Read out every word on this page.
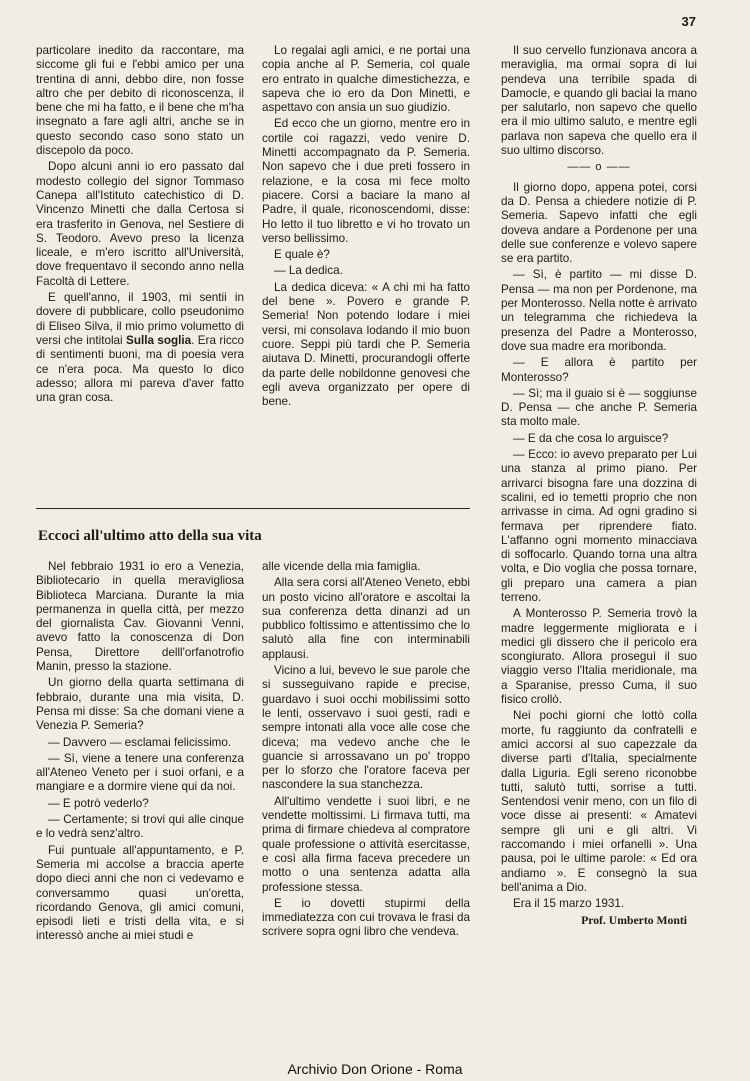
37

particolare inedito da raccontare, ma siccome gli fui e l'ebbi amico per una trentina di anni, debbo dire, non fosse altro che per debito di riconoscenza, il bene che mi ha fatto, e il bene che m'ha insegnato a fare agli altri, anche se in questo secondo caso sono stato un discepolo da poco.

Dopo alcuni anni io ero passato dal modesto collegio del signor Tommaso Canepa all'Istituto catechistico di D. Vincenzo Minetti che dalla Certosa si era trasferito in Genova, nel Sestiere di S. Teodoro. Avevo preso la licenza liceale, e m'ero iscritto all'Università, dove frequentavo il secondo anno nella Facoltà di Lettere.

E quell'anno, il 1903, mi sentii in dovere di pubblicare, collo pseudonimo di Eliseo Silva, il mio primo volumetto di versi che intitolai Sulla soglia. Era ricco di sentimenti buoni, ma di poesia vera ce n'era poca. Ma questo lo dico adesso; allora mi pareva d'aver fatto una gran cosa.

Lo regalai agli amici, e ne portai una copia anche al P. Semeria, col quale ero entrato in qualche dimestichezza, e sapeva che io ero da Don Minetti, e aspettavo con ansia un suo giudizio.

Ed ecco che un giorno, mentre ero in cortile coi ragazzi, vedo venire D. Minetti accompagnato da P. Semeria. Non sapevo che i due preti fossero in relazione, e la cosa mi fece molto piacere. Corsi a baciare la mano al Padre, il quale, riconoscendomi, disse: Ho letto il tuo libretto e vi ho trovato un verso bellissimo.

E quale è?

— La dedica.

La dedica diceva: « A chi mi ha fatto del bene ». Povero e grande P. Semeria! Non potendo lodare i miei versi, mi consolava lodando il mio buon cuore. Seppi più tardi che P. Semeria aiutava D. Minetti, procurandogli offerte da parte delle nobildonne genovesi che egli aveva organizzato per opere di bene.

Il suo cervello funzionava ancora a meraviglia, ma ormai sopra di lui pendeva una terribile spada di Damocle, e quando gli baciai la mano per salutarlo, non sapevo che quello era il mio ultimo saluto, e mentre egli parlava non sapeva che quello era il suo ultimo discorso.

—— o ——

Il giorno dopo, appena potei, corsi da D. Pensa a chiedere notizie di P. Semeria. Sapevo infatti che egli doveva andare a Pordenone per una delle sue conferenze e volevo sapere se era partito.

— Sì, è partito — mi disse D. Pensa — ma non per Pordenone, ma per Monterosso. Nella notte è arrivato un telegramma che richiedeva la presenza del Padre a Monterosso, dove sua madre era moribonda.

— E allora è partito per Monterosso?

— Sì; ma il guaio si è — soggiunse D. Pensa — che anche P. Semeria sta molto male.

— E da che cosa lo arguisce?

— Ecco: io avevo preparato per Lui una stanza al primo piano. Per arrivarci bisogna fare una dozzina di scalini, ed io temetti proprio che non arrivasse in cima. Ad ogni gradino si fermava per riprendere fiato. L'affanno ogni momento minacciava di soffocarlo. Quando torna una altra volta, e Dio voglia che possa tornare, gli preparo una camera a pian terreno.

A Monterosso P. Semeria trovò la madre leggermente migliorata e i medici gli dissero che il pericolo era scongiurato. Allora proseguì il suo viaggio verso l'Italia meridionale, ma a Sparanise, presso Cuma, il suo fisico crollò.

Nei pochi giorni che lottò colla morte, fu raggiunto da confratelli e amici accorsi al suo capezzale da diverse parti d'Italia, specialmente dalla Liguria. Egli sereno riconobbe tutti, salutò tutti, sorrise a tutti. Sentendosi venir meno, con un filo di voce disse ai presenti: « Amatevi sempre gli uni e gli altri. Vi raccomando i miei orfanelli ». Una pausa, poi le ultime parole: « Ed ora andiamo ». E consegnò la sua bell'anima a Dio.

Era il 15 marzo 1931.

Prof. Umberto Monti
Eccoci all'ultimo atto della sua vita

Nel febbraio 1931 io ero a Venezia, Bibliotecario in quella meravigliosa Biblioteca Marciana. Durante la mia permanenza in quella città, per mezzo del giornalista Cav. Giovanni Venni, avevo fatto la conoscenza di Don Pensa, Direttore delll'orfanotrofio Manin, presso la stazione.

Un giorno della quarta settimana di febbraio, durante una mia visita, D. Pensa mi disse: Sa che domani viene a Venezia P. Semeria?

— Davvero — esclamai felicissimo.

— Sì, viene a tenere una conferenza all'Ateneo Veneto per i suoi orfani, e a mangiare e a dormire viene qui da noi.

— E potrò vederlo?

— Certamente; si trovi qui alle cinque e lo vedrà senz'altro.

Fui puntuale all'appuntamento, e P. Semeria mi accolse a braccia aperte dopo dieci anni che non ci vedevamo e conversammo quasi un'oretta, ricordando Genova, gli amici comuni, episodi lieti e tristi della vita, e si interessò anche ai miei studi e

alle vicende della mia famiglia.

Alla sera corsi all'Ateneo Veneto, ebbi un posto vicino all'oratore e ascoltai la sua conferenza detta dinanzi ad un pubblico foltissimo e attentissimo che lo salutò alla fine con interminabili applausi.

Vicino a lui, bevevo le sue parole che si susseguivano rapide e precise, guardavo i suoi occhi mobilissimi sotto le lenti, osservavo i suoi gesti, radi e sempre intonati alla voce alle cose che diceva; ma vedevo anche che le guancie si arrossavano un po' troppo per lo sforzo che l'oratore faceva per nascondere la sua stanchezza.

All'ultimo vendette i suoi libri, e ne vendette moltissimi. Li firmava tutti, ma prima di firmare chiedeva al compratore quale professione o attività esercitasse, e così alla firma faceva precedere un motto o una sentenza adatta alla professione stessa.

E io dovetti stupirmi della immediatezza con cui trovava le frasi da scrivere sopra ogni libro che vendeva.

Archivio Don Orione - Roma
